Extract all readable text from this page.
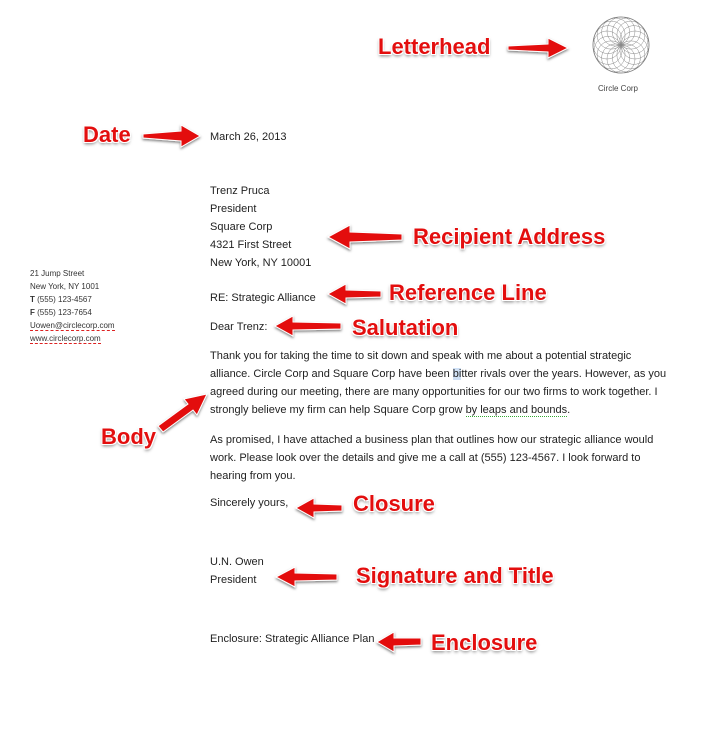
Circle Corp
21 Jump Street
New York, NY 1001
T (555) 123-4567
F (555) 123-7654
Uowen@circlecorp.com
www.circlecorp.com
March 26, 2013
Trenz Pruca
President
Square Corp
4321 First Street
New York, NY 10001
RE: Strategic Alliance
Dear Trenz:
Thank you for taking the time to sit down and speak with me about a potential strategic
alliance. Circle Corp and Square Corp have been bitter rivals over the years. However, as you
agreed during our meeting, there are many opportunities for our two firms to work together. I
strongly believe my firm can help Square Corp grow by leaps and bounds.
As promised, I have attached a business plan that outlines how our strategic alliance would
work. Please look over the details and give me a call at (555) 123-4567. I look forward to
hearing from you.
Sincerely yours,
U.N. Owen
President
Enclosure: Strategic Alliance Plan
Letterhead
Date
Recipient Address
Reference Line
Salutation
Body
Closure
Signature and Title
Enclosure
